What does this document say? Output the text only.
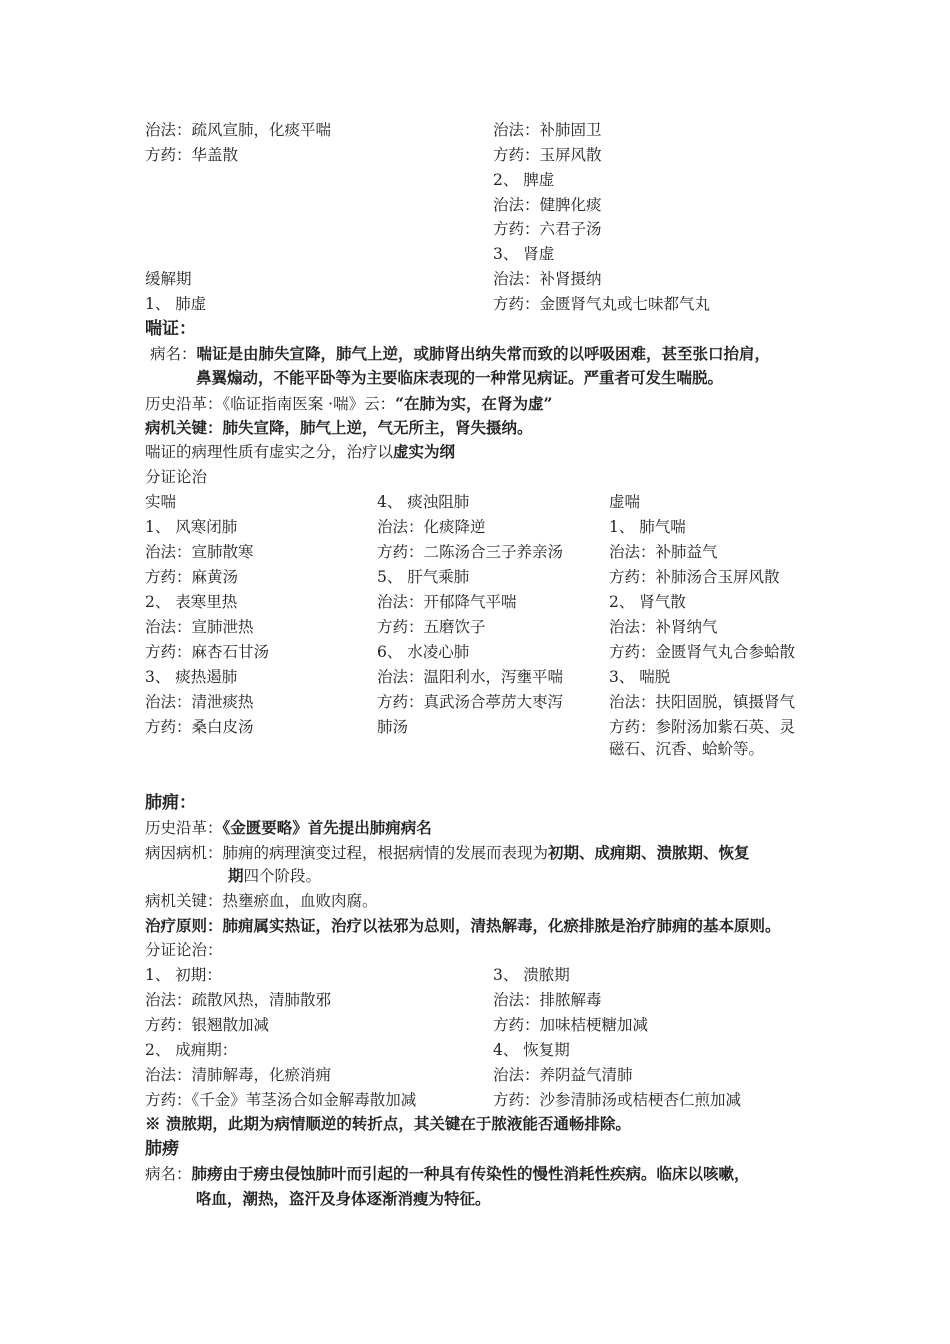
治法：疏风宣肺，化痰平喘
方药：华盖散
缓解期
1、 肺虚
治法：补肺固卫
方药：玉屏风散
2、 脾虚
治法：健脾化痰
方药：六君子汤
3、 肾虚
治法：补肾摄纳
方药：金匮肾气丸或七味都气丸
喘证：
病名：喘证是由肺失宣降，肺气上逆，或肺肾出纳失常而致的以呼吸困难，甚至张口抬肩，
鼻翼煽动，不能平卧等为主要临床表现的一种常见病证。严重者可发生喘脱。
历史沿革：《临证指南医案 ·喘》云：“在肺为实，在肾为虚”
病机关键：肺失宣降，肺气上逆，气无所主，肾失摄纳。
喘证的病理性质有虚实之分，治疗以虚实为纲
分证论治
实喘
1、 风寒闭肺
治法：宣肺散寒
方药：麻黄汤
2、 表寒里热
治法：宣肺泄热
方药：麻杏石甘汤
3、 痰热遏肺
治法：清泄痰热
方药：桑白皮汤
4、 痰浊阻肺
治法：化痰降逆
方药：二陈汤合三子养亲汤
5、 肝气乘肺
治法：开郁降气平喘
方药：五磨饮子
6、 水凌心肺
治法：温阳利水，泻壅平喘
方药：真武汤合葶苈大枣泻
肺汤
虚喘
1、 肺气喘
治法：补肺益气
方药：补肺汤合玉屏风散
2、 肾气散
治法：补肾纳气
方药：金匮肾气丸合参蛤散
3、 喘脱
治法：扶阳固脱，镇摄肾气
方药：参附汤加紫石英、灵
磁石、沉香、蛤蚧等。
肺痈：
历史沿革：《金匮要略》首先提出肺痈病名
病因病机：肺痈的病理演变过程，根据病情的发展而表现为初期、成痈期、溃脓期、恢复
期四个阶段。
病机关键：热壅瘀血，血败肉腐。
治疗原则：肺痈属实热证，治疗以祛邪为总则，清热解毒，化瘀排脓是治疗肺痈的基本原则。
分证论治：
1、 初期：
治法：疏散风热，清肺散邪
方药：银翘散加减
2、 成痈期：
治法：清肺解毒，化瘀消痈
方药：《千金》苇茎汤合如金解毒散加减
3、 溃脓期
治法：排脓解毒
方药：加味桔梗糖加减
4、 恢复期
治法：养阴益气清肺
方药：沙参清肺汤或桔梗杏仁煎加减
※ 溃脓期，此期为病情顺逆的转折点，其关键在于脓液能否通畅排除。
肺痨
病名：肺痨由于痨虫侵蚀肺叶而引起的一种具有传染性的慢性消耗性疾病。临床以咳嗽，
咯血，潮热，盗汗及身体逐渐消瘦为特征。
